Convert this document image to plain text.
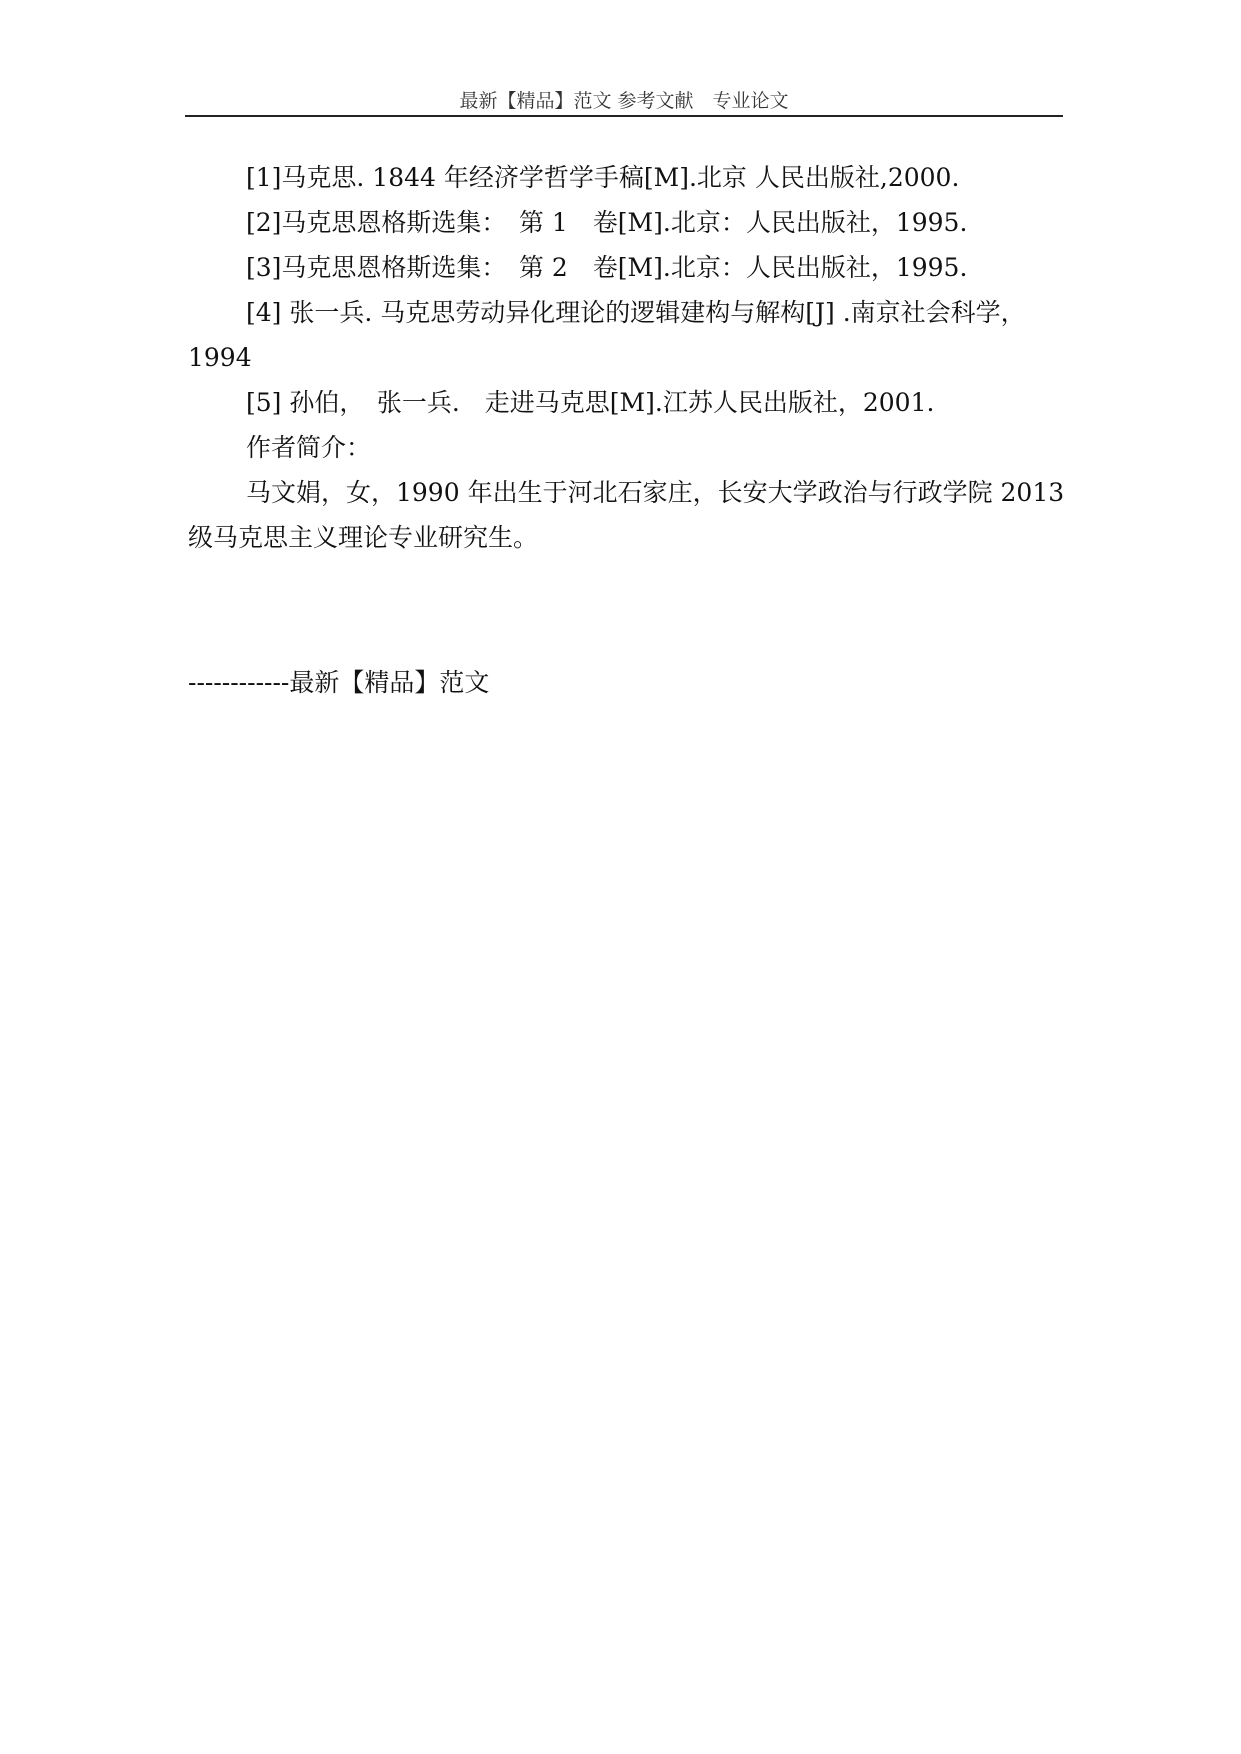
最新【精品】范文 参考文献　专业论文

[1]马克思. 1844 年经济学哲学手稿[M].北京 人民出版社,2000.

[2]马克思恩格斯选集：　第 1　卷[M].北京：人民出版社，1995.

[3]马克思恩格斯选集：　第 2　卷[M].北京：人民出版社，1995.

[4] 张一兵. 马克思劳动异化理论的逻辑建构与解构[J] .南京社会科学，　1994

[5] 孙伯，　张一兵.　走进马克思[M].江苏人民出版社，2001.

作者简介：

马文娟，女，1990 年出生于河北石家庄，长安大学政治与行政学院 2013 级马克思主义理论专业研究生。

------------最新【精品】范文
